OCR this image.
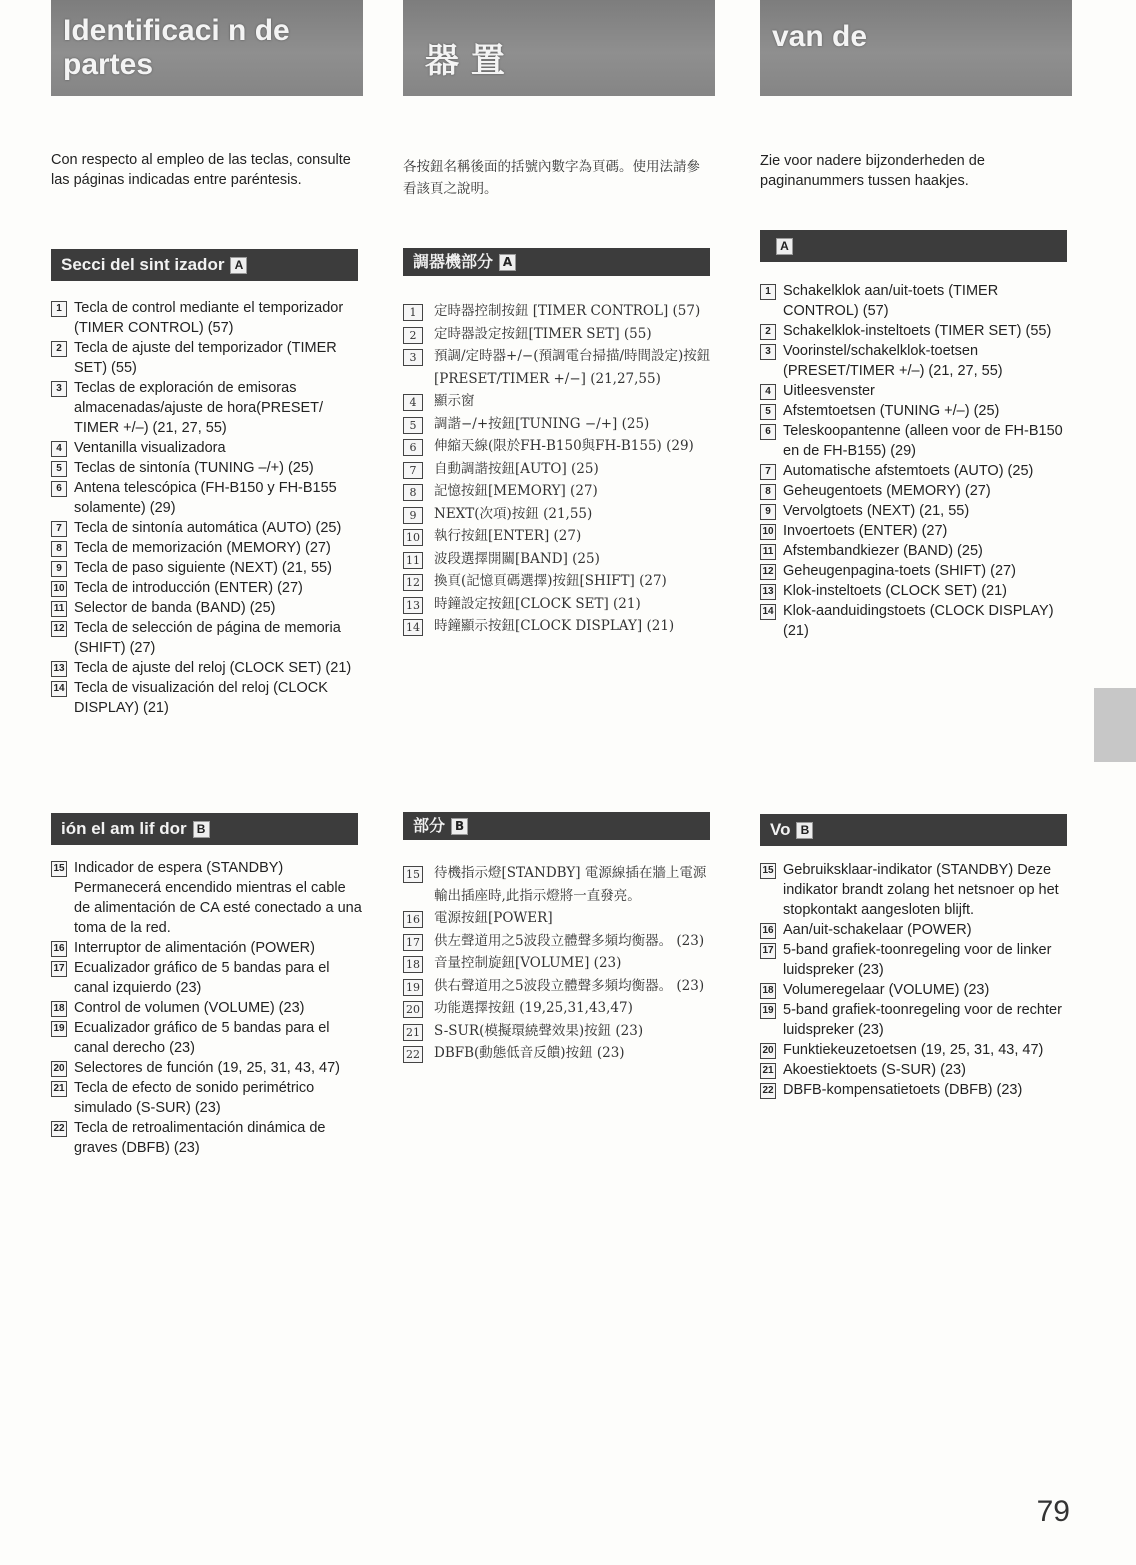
Identificaci n de partes
Con respecto al empleo de las teclas, consulte las páginas indicadas entre paréntesis.
Secci del sint izador A
1 Tecla de control mediante el temporizador (TIMER CONTROL) (57)
2 Tecla de ajuste del temporizador (TIMER SET) (55)
3 Teclas de exploración de emisoras almacenadas/ajuste de hora(PRESET/ TIMER +/–) (21, 27, 55)
4 Ventanilla visualizadora
5 Teclas de sintonía (TUNING –/+) (25)
6 Antena telescópica (FH-B150 y FH-B155 solamente) (29)
7 Tecla de sintonía automática (AUTO) (25)
8 Tecla de memorización (MEMORY) (27)
9 Tecla de paso siguiente (NEXT) (21, 55)
10 Tecla de introducción (ENTER) (27)
11 Selector de banda (BAND) (25)
12 Tecla de selección de página de memoria (SHIFT) (27)
13 Tecla de ajuste del reloj (CLOCK SET) (21)
14 Tecla de visualización del reloj (CLOCK DISPLAY) (21)
ión el am lif dor B
15 Indicador de espera (STANDBY) Permanecerá encendido mientras el cable de alimentación de CA esté conectado a una toma de la red.
16 Interruptor de alimentación (POWER)
17 Ecualizador gráfico de 5 bandas para el canal izquierdo (23)
18 Control de volumen (VOLUME) (23)
19 Ecualizador gráfico de 5 bandas para el canal derecho (23)
20 Selectores de función (19, 25, 31, 43, 47)
21 Tecla de efecto de sonido perimétrico simulado (S-SUR) (23)
22 Tecla de retroalimentación dinámica de graves (DBFB) (23)
器 置
各按鈕名稱後面的括號內數字為頁碼。使用法請參看該頁之說明。
調器機部分 A
1	定時器控制按鈕 [TIMER CONTROL] (57)
2	定時器設定按鈕[TIMER SET] (55)
3	預調/定時器+/−(預調電台掃描/時間設定)按鈕[PRESET/TIMER +/−] (21,27,55)
4	顯示窗
5	調諧−/+按鈕[TUNING −/+] (25)
6	伸縮天線(限於FH-B150與FH-B155) (29)
7	自動調諧按鈕[AUTO] (25)
8	記憶按鈕[MEMORY] (27)
9	NEXT(次項)按鈕 (21,55)
10 執行按鈕[ENTER] (27)
11 波段選擇開關[BAND] (25)
12 換頁(記憶頁碼選擇)按鈕[SHIFT] (27)
13 時鐘設定按鈕[CLOCK SET] (21)
14 時鐘顯示按鈕[CLOCK DISPLAY] (21)
部分 B
15 待機指示燈[STANDBY] 電源線插在牆上電源輸出插座時,此指示燈將一直發亮。
16 電源按鈕[POWER]
17 供左聲道用之5波段立體聲多頻均衡器。 (23)
18 音量控制旋鈕[VOLUME] (23)
19 供右聲道用之5波段立體聲多頻均衡器。 (23)
20 功能選擇按鈕 (19,25,31,43,47)
21 S-SUR(模擬環繞聲效果)按鈕 (23)
22 DBFB(動態低音反饋)按鈕 (23)
van de
Zie voor nadere bijzonderheden de paginanummers tussen haakjes.
A
1 Schakelklok aan/uit-toets (TIMER CONTROL) (57)
2 Schakelklok-insteltoets (TIMER SET) (55)
3 Voorinstel/schakelklok-toetsen (PRESET/TIMER +/–) (21, 27, 55)
4 Uitleesvenster
5 Afstemtoetsen (TUNING +/–) (25)
6 Teleskoopantenne (alleen voor de FH-B150 en de FH-B155) (29)
7 Automatische afstemtoets (AUTO) (25)
8 Geheugentoets (MEMORY) (27)
9 Vervolgtoets (NEXT) (21, 55)
10 Invoertoets (ENTER) (27)
11 Afstembandkiezer (BAND) (25)
12 Geheugenpagina-toets (SHIFT) (27)
13 Klok-insteltoets (CLOCK SET) (21)
14 Klok-aanduidingstoets (CLOCK DISPLAY) (21)
Vo B
15 Gebruiksklaar-indikator (STANDBY) Deze indikator brandt zolang het netsnoer op het stopkontakt aangesloten blijft.
16 Aan/uit-schakelaar (POWER)
17 5-band grafiek-toonregeling voor de linker luidspreker (23)
18 Volumeregelaar (VOLUME) (23)
19 5-band grafiek-toonregeling voor de rechter luidspreker (23)
20 Funktiekeuzetoetsen (19, 25, 31, 43, 47)
21 Akoestiektoets (S-SUR) (23)
22 DBFB-kompensatietoets (DBFB) (23)
79
